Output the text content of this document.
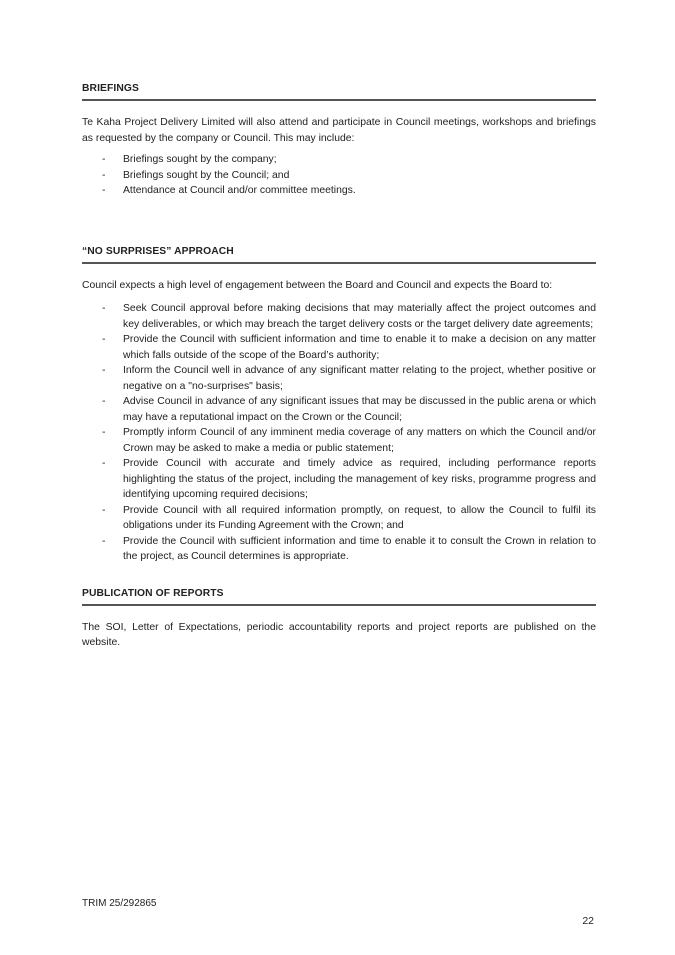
BRIEFINGS

Te Kaha Project Delivery Limited will also attend and participate in Council meetings, workshops and briefings as requested by the company or Council. This may include:

- Briefings sought by the company;
- Briefings sought by the Council; and
- Attendance at Council and/or committee meetings.
“NO SURPRISES” APPROACH

Council expects a high level of engagement between the Board and Council and expects the Board to:

- Seek Council approval before making decisions that may materially affect the project outcomes and key deliverables, or which may breach the target delivery costs or the target delivery date agreements;
- Provide the Council with sufficient information and time to enable it to make a decision on any matter which falls outside of the scope of the Board’s authority;
- Inform the Council well in advance of any significant matter relating to the project, whether positive or negative on a "no-surprises" basis;
- Advise Council in advance of any significant issues that may be discussed in the public arena or which may have a reputational impact on the Crown or the Council;
- Promptly inform Council of any imminent media coverage of any matters on which the Council and/or Crown may be asked to make a media or public statement;
- Provide Council with accurate and timely advice as required, including performance reports highlighting the status of the project, including the management of key risks, programme progress and identifying upcoming required decisions;
- Provide Council with all required information promptly, on request, to allow the Council to fulfil its obligations under its Funding Agreement with the Crown; and
- Provide the Council with sufficient information and time to enable it to consult the Crown in relation to the project, as Council determines is appropriate.
PUBLICATION OF REPORTS

The SOI, Letter of Expectations, periodic accountability reports and project reports are published on the website.

TRIM 25/292865
22
